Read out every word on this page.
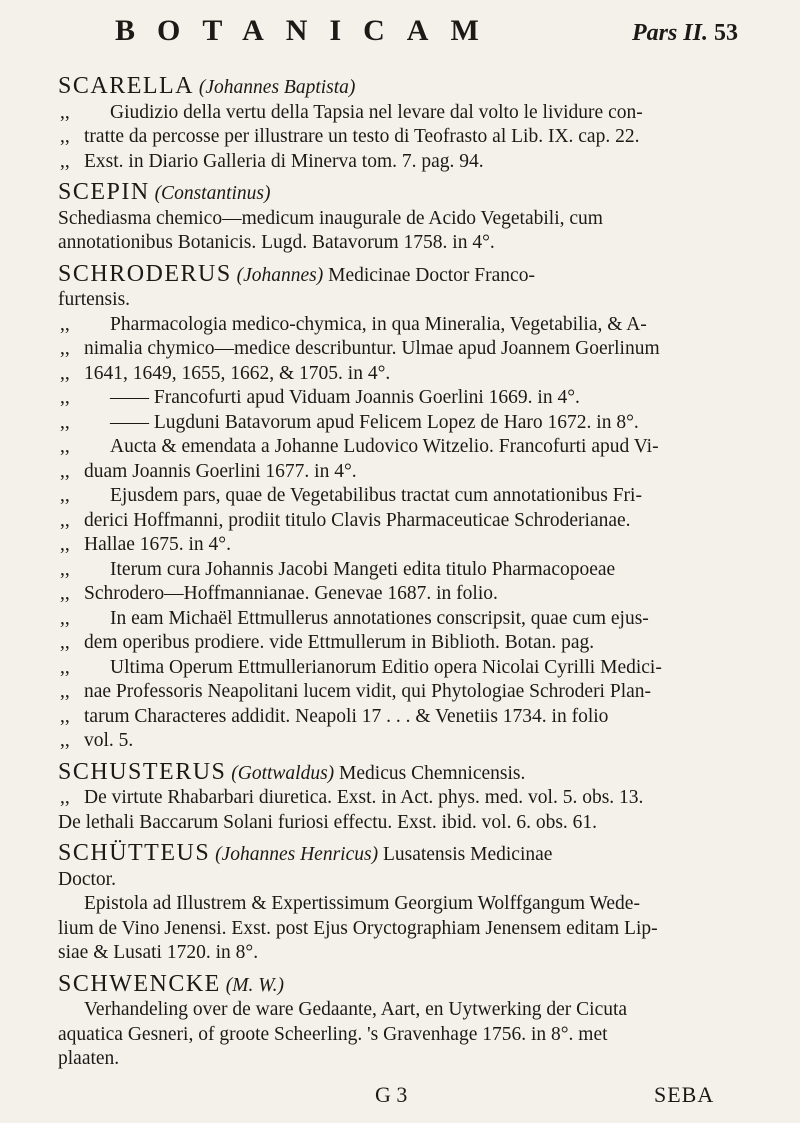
BOTANICAM	Pars II. 53
SCARELLA (Johannes Baptista)
,, Giudizio della vertu della Tapsia nel levare dal volto le lividure con-
,, tratte da percosse per illustrare un testo di Teofrasto al Lib. IX. cap. 22.
,, Exst. in Diario Galleria di Minerva tom. 7. pag. 94.
SCEPIN (Constantinus)
Schediasma chemico—medicum inaugurale de Acido Vegetabili, cum
annotationibus Botanicis. Lugd. Batavorum 1758. in 4°.
SCHRODERUS (Johannes) Medicinae Doctor Franco-
furtensis.
,, Pharmacologia medico-chymica, in qua Mineralia, Vegetabilia, & A-
,, nimalia chymico—medice describuntur. Ulmae apud Joannem Goerlinum
,, 1641, 1649, 1655, 1662, & 1705. in 4°.
,, —— Francofurti apud Viduam Joannis Goerlini 1669. in 4°.
,, —— Lugduni Batavorum apud Felicem Lopez de Haro 1672. in 8°.
,, Aucta & emendata a Johanne Ludovico Witzelio. Francofurti apud Vi-
,, duam Joannis Goerlini 1677. in 4°.
,, Ejusdem pars, quae de Vegetabilibus tractat cum annotationibus Fri-
,, derici Hoffmanni, prodiit titulo Clavis Pharmaceuticae Schroderianae.
,, Hallae 1675. in 4°.
,, Iterum cura Johannis Jacobi Mangeti edita titulo Pharmacopoeae
,, Schrodero—Hoffmannianae. Genevae 1687. in folio.
,, In eam Michaël Ettmullerus annotationes conscripsit, quae cum ejus-
,, dem operibus prodiere. vide Ettmullerum in Biblioth. Botan. pag.
,, Ultima Operum Ettmullerianorum Editio opera Nicolai Cyrilli Medici-
,, nae Professoris Neapolitani lucem vidit, qui Phytologiae Schroderi Plan-
,, tarum Characteres addidit. Neapoli 17 . . . & Venetiis 1734. in folio
,, vol. 5.
SCHUSTERUS (Gottwaldus) Medicus Chemnicensis.
,, De virtute Rhabarbari diuretica. Exst. in Act. phys. med. vol. 5. obs. 13.
De lethali Baccarum Solani furiosi effectu. Exst. ibid. vol. 6. obs. 61.
SCHÜTTEUS (Johannes Henricus) Lusatensis Medicinae
Doctor.
Epistola ad Illustrem & Expertissimum Georgium Wolffgangum Wede-
lium de Vino Jenensi. Exst. post Ejus Oryctographiam Jenensem editam Lip-
siae & Lusati 1720. in 8°.
SCHWENCKE (M. W.)
Verhandeling over de ware Gedaante, Aart, en Uytwerking der Cicuta
aquatica Gesneri, of groote Scheerling. 's Gravenhage 1756. in 8°. met
plaaten.
G 3	SEBA
